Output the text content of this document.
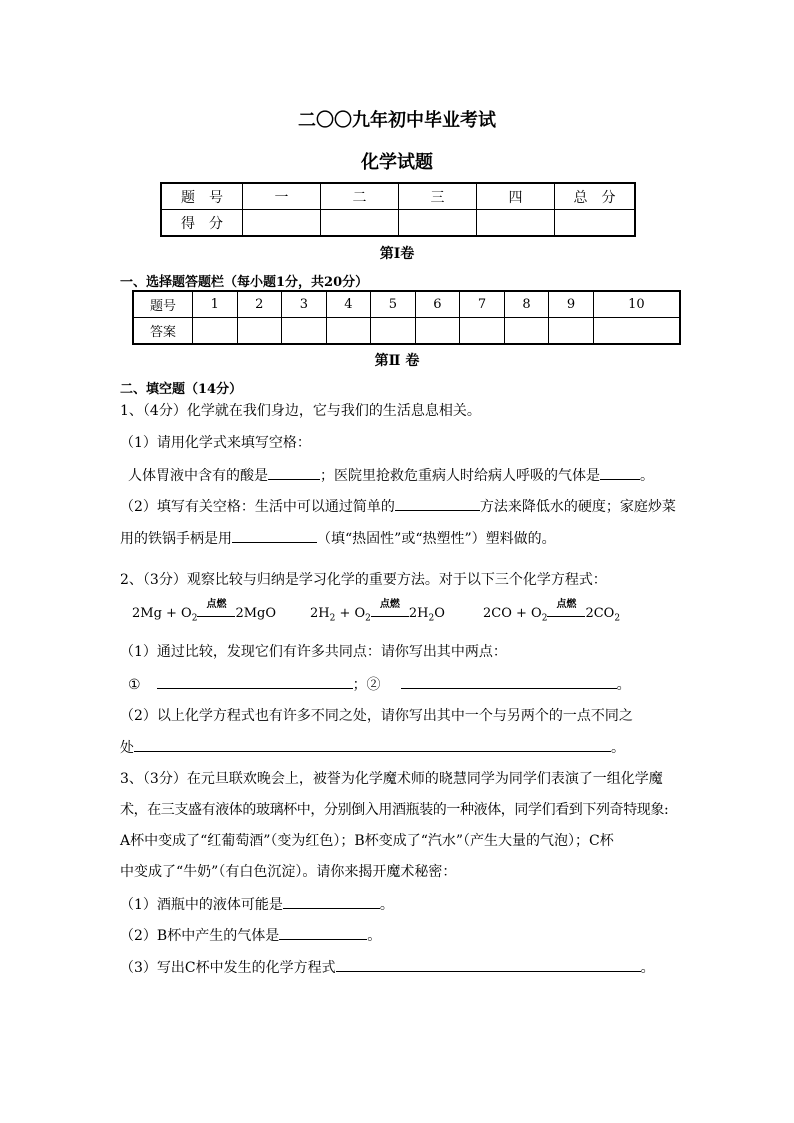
二〇〇九年初中毕业考试
化学试题
题　号	一	二	三	四	总　分
得　分					
第Ⅰ卷
一、选择题答题栏（每小题1分，共20分）
题号	1	2	3	4	5	6	7	8	9	10
答案										
第Ⅱ 卷
二、填空题（14分）
1、（4分）化学就在我们身边，它与我们的生活息息相关。
（1）请用化学式来填写空格：
人体胃液中含有的酸是	；医院里抢救危重病人时给病人呼吸的气体是	。
（2）填写有关空格：生活中可以通过简单的	方法来降低水的硬度；家庭炒菜
用的铁锅手柄是用	（填“热固性”或“热塑性”）塑料做的。
2、（3分）观察比较与归纳是学习化学的重要方法。对于以下三个化学方程式：
$2Mg + O_2$
点燃
2MgO	$2H_2 + O_2$
点燃
$2H_2O$	$2CO + O_2$
点燃
$2CO_2$
（1）通过比较，发现它们有许多共同点：请你写出其中两点：
①	；②	。
（2）以上化学方程式也有许多不同之处，请你写出其中一个与另两个的一点不同之
处	。
3、（3分）在元旦联欢晚会上，被誉为化学魔术师的晓慧同学为同学们表演了一组化学魔
术，在三支盛有液体的玻璃杯中，分别倒入用酒瓶装的一种液体，同学们看到下列奇特现象:
A杯中变成了“红葡萄酒”（变为红色）；B杯变成了“汽水”（产生大量的气泡）；C杯
中变成了“牛奶”（有白色沉淀）。请你来揭开魔术秘密：
（1）酒瓶中的液体可能是	。
（2）B杯中产生的气体是	。
（3）写出C杯中发生的化学方程式	。
